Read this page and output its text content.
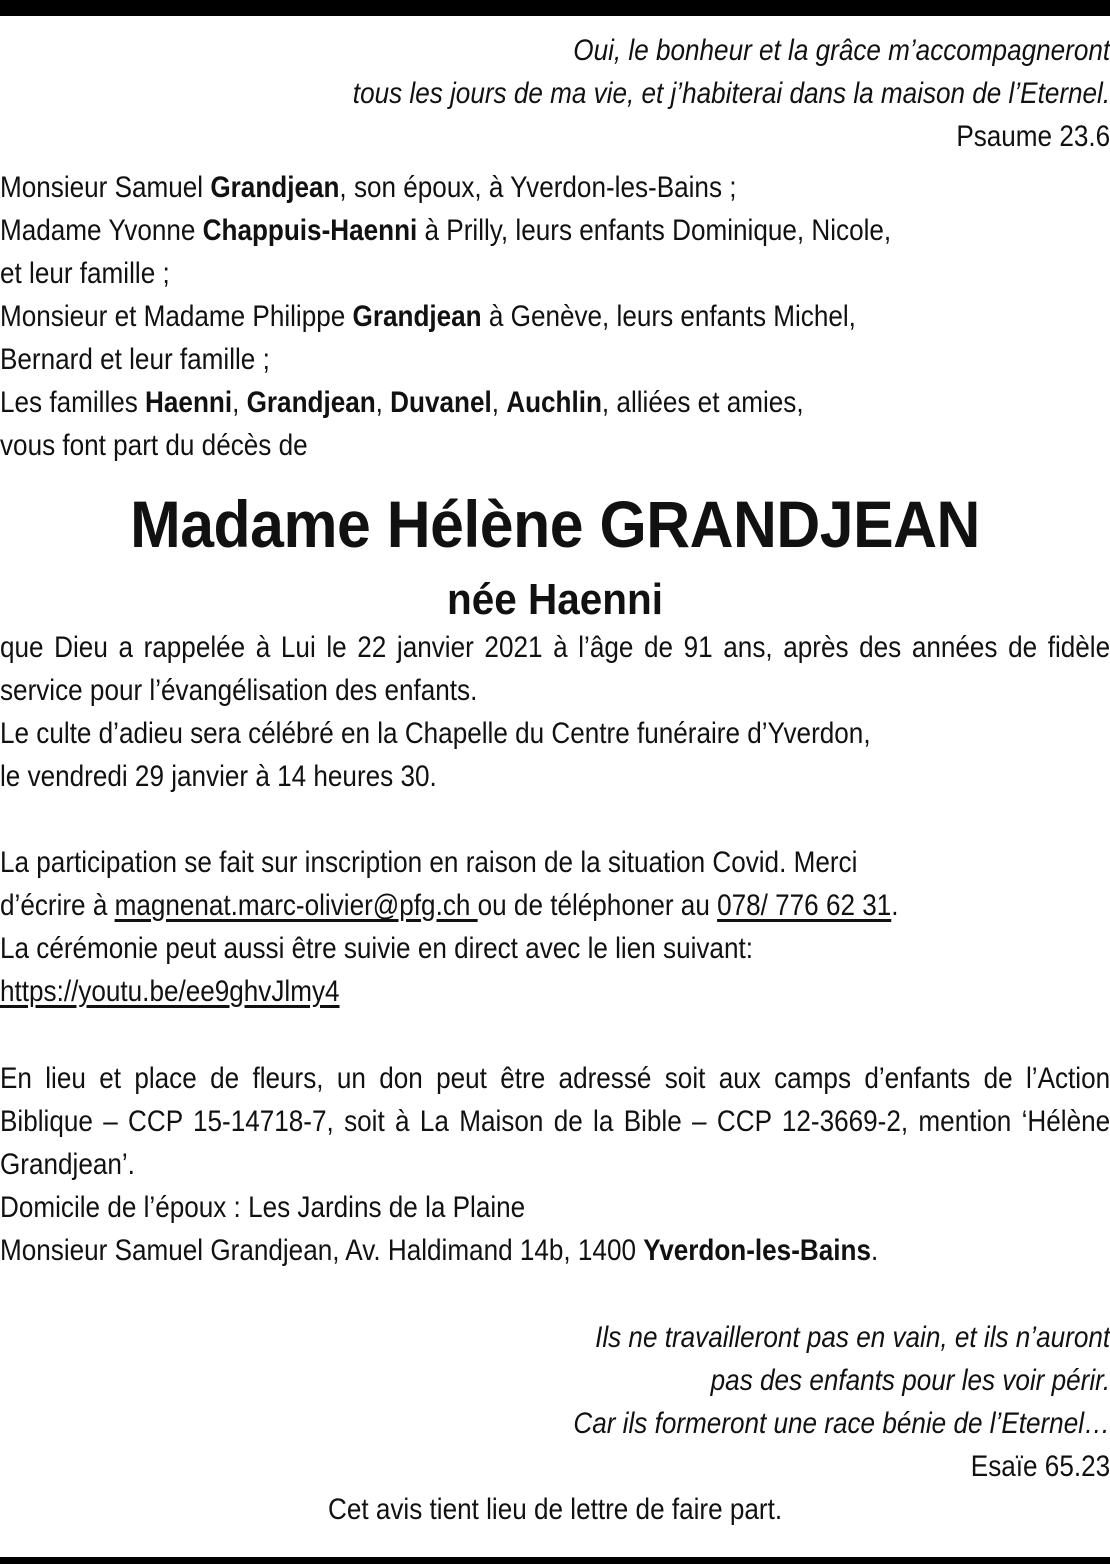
Oui, le bonheur et la grâce m’accompagneront
tous les jours de ma vie, et j’habiterai dans la maison de l’Eternel.
Psaume 23.6
Monsieur Samuel Grandjean, son époux, à Yverdon-les-Bains ;
Madame Yvonne Chappuis-Haenni à Prilly, leurs enfants Dominique, Nicole,
et leur famille ;
Monsieur et Madame Philippe Grandjean à Genève, leurs enfants Michel,
Bernard et leur famille ;
Les familles Haenni, Grandjean, Duvanel, Auchlin, alliées et amies,
vous font part du décès de
Madame Hélène GRANDJEAN
née Haenni
que Dieu a rappelée à Lui le 22 janvier 2021 à l’âge de 91 ans, après des années de fidèle service pour l’évangélisation des enfants.
Le culte d’adieu sera célébré en la Chapelle du Centre funéraire d’Yverdon,
le vendredi 29 janvier à 14 heures 30.
La participation se fait sur inscription en raison de la situation Covid. Merci
d’écrire à magnenat.marc-olivier@pfg.ch ou de téléphoner au 078/ 776 62 31.
La cérémonie peut aussi être suivie en direct avec le lien suivant:
https://youtu.be/ee9ghvJlmy4
En lieu et place de fleurs, un don peut être adressé soit aux camps d’enfants de l’Action Biblique – CCP 15-14718-7, soit à La Maison de la Bible – CCP 12-3669-2, mention ‘Hélène Grandjean’.
Domicile de l’époux : Les Jardins de la Plaine
Monsieur Samuel Grandjean, Av. Haldimand 14b, 1400 Yverdon-les-Bains.
Ils ne travailleront pas en vain, et ils n’auront
pas des enfants pour les voir périr.
Car ils formeront une race bénie de l’Eternel…
Esaïe 65.23
Cet avis tient lieu de lettre de faire part.
